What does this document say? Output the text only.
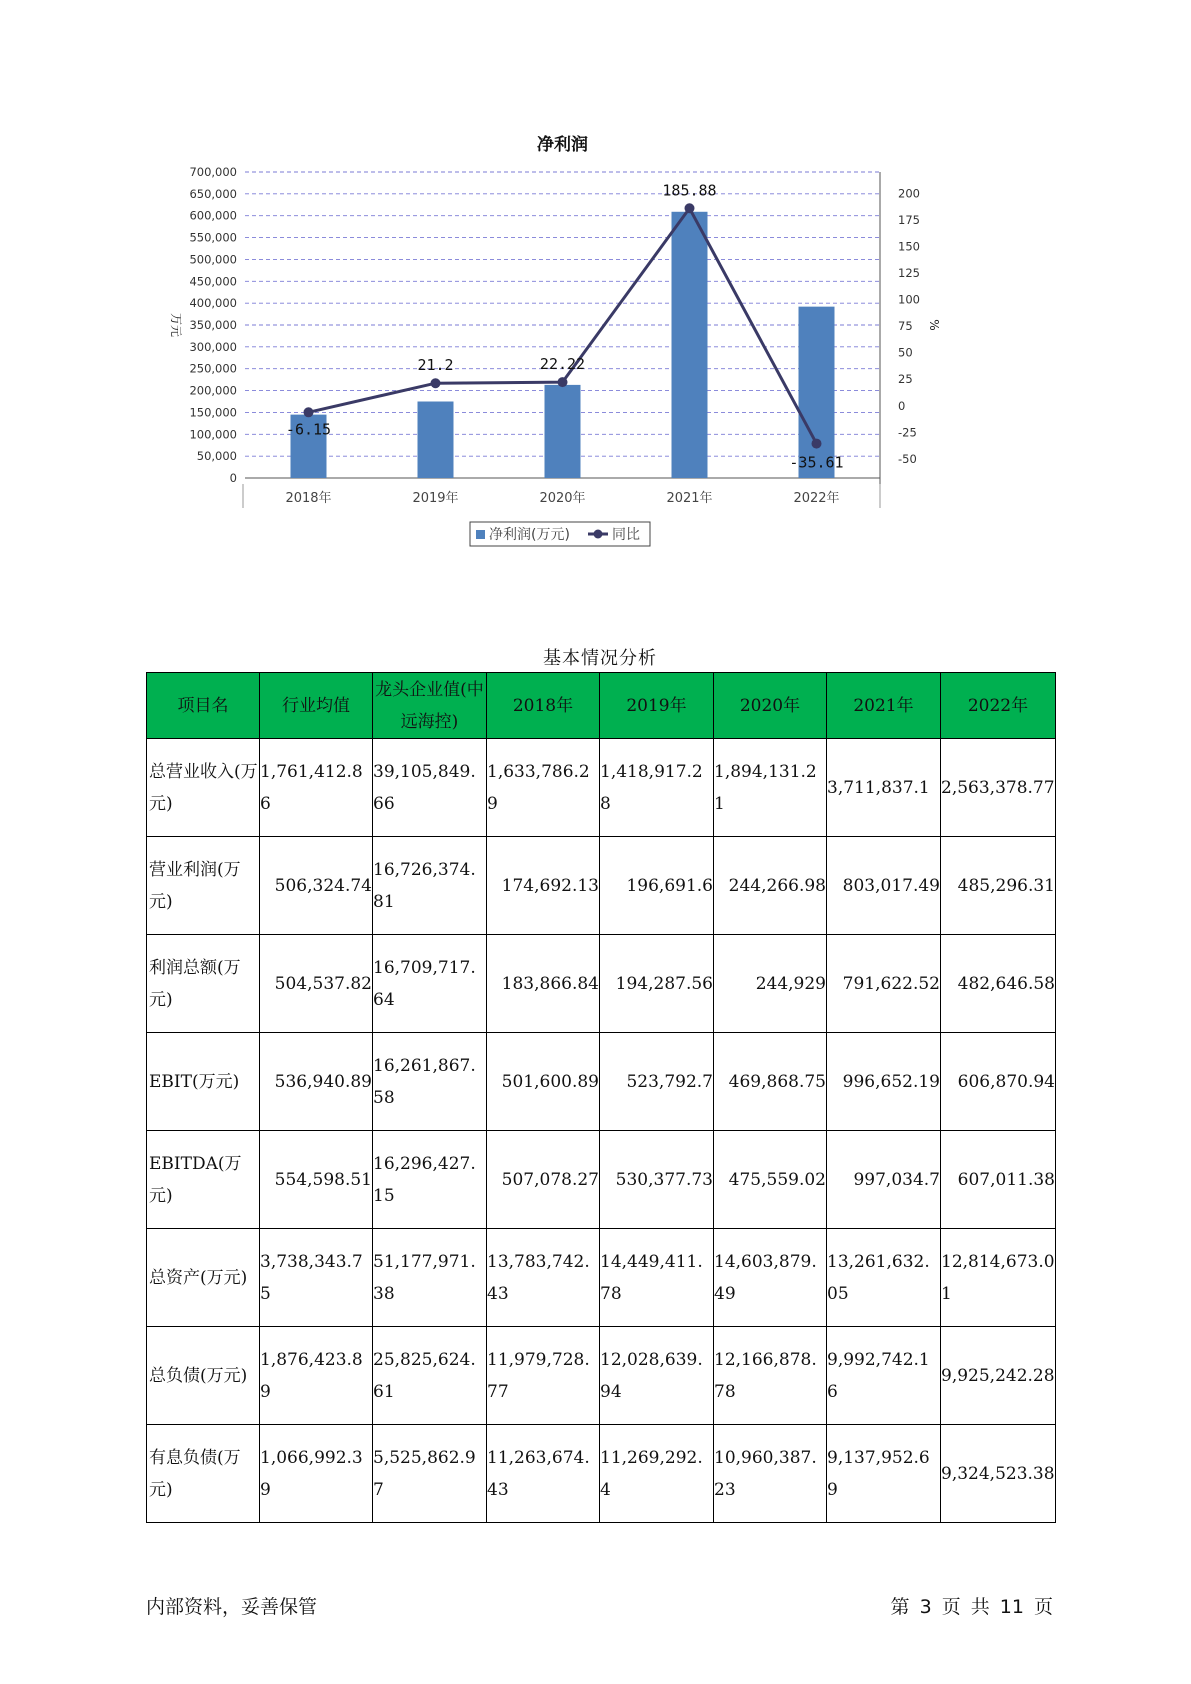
净利润
0
50,000
100,000
150,000
200,000
250,000
300,000
350,000
400,000
450,000
500,000
550,000
600,000
650,000
700,000
-50
-25
0
25
50
75
100
125
150
175
200
万元	%
2018年	2019年	2020年	2021年	2022年
-6.15
21.2	22.22
185.88
-35.61
净利润(万元)	同比
基本情况分析
项目名	行业均值	龙头企业值(中远海控)	2018年	2019年	2020年	2021年	2022年
总营业收入(万元)	1,761,412.86	39,105,849.66	1,633,786.29	1,418,917.28	1,894,131.21	3,711,837.1	2,563,378.77
营业利润(万元)	506,324.74	16,726,374.81	174,692.13	196,691.6	244,266.98	803,017.49	485,296.31
利润总额(万元)	504,537.82	16,709,717.64	183,866.84	194,287.56	244,929	791,622.52	482,646.58
EBIT(万元)	536,940.89	16,261,867.58	501,600.89	523,792.7	469,868.75	996,652.19	606,870.94
EBITDA(万元)	554,598.51	16,296,427.15	507,078.27	530,377.73	475,559.02	997,034.7	607,011.38
总资产(万元)	3,738,343.75	51,177,971.38	13,783,742.43	14,449,411.78	14,603,879.49	13,261,632.05	12,814,673.01
总负债(万元)	1,876,423.89	25,825,624.61	11,979,728.77	12,028,639.94	12,166,878.78	9,992,742.16	9,925,242.28
有息负债(万元)	1,066,992.39	5,525,862.97	11,263,674.43	11,269,292.4	10,960,387.23	9,137,952.69	9,324,523.38
内部资料，妥善保管	第 3 页 共 11 页
